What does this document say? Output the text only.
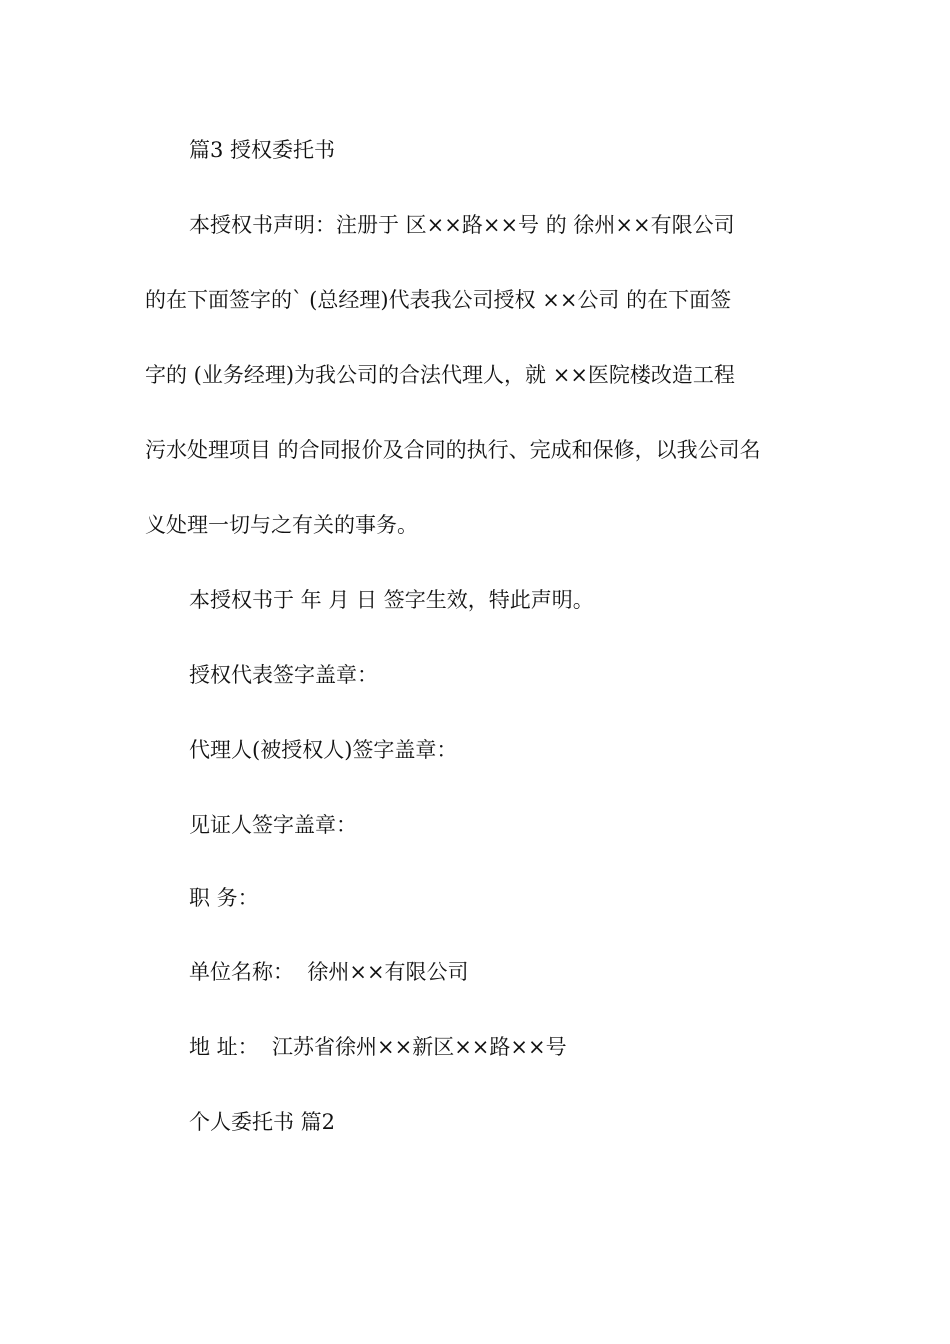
篇3 授权委托书
本授权书声明：注册于 区××路××号 的 徐州××有限公司
的在下面签字的` (总经理)代表我公司授权 ××公司 的在下面签
字的 (业务经理)为我公司的合法代理人，就 ××医院楼改造工程
污水处理项目 的合同报价及合同的执行、完成和保修，以我公司名
义处理一切与之有关的事务。
本授权书于 年 月 日 签字生效，特此声明。
授权代表签字盖章：
代理人(被授权人)签字盖章：
见证人签字盖章：
职 务：
单位名称：  徐州××有限公司
地 址：  江苏省徐州××新区××路××号
个人委托书 篇2
